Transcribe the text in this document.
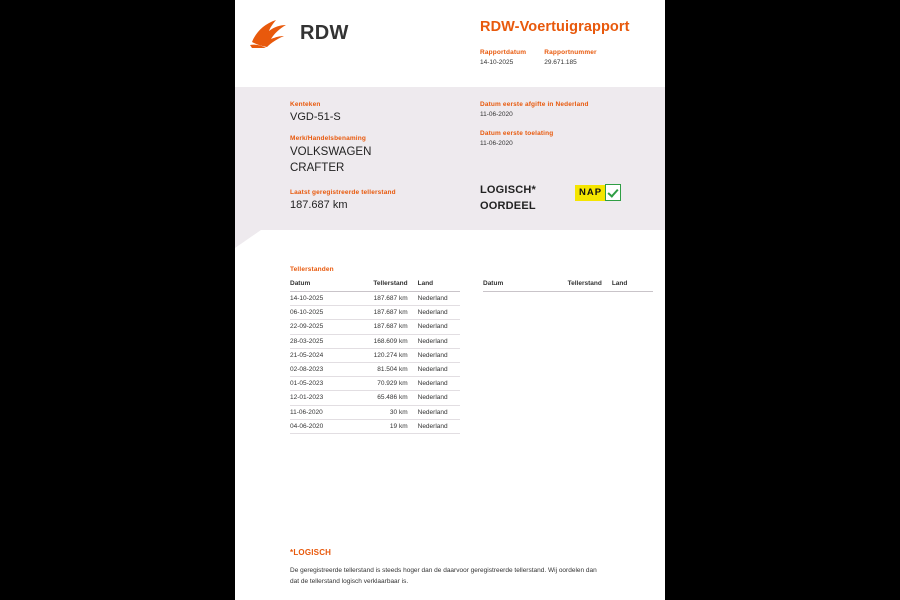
RDW	RDW-Voertuigrapport
Rapportdatum
14-10-2025
Rapportnummer
29.671.185
Kenteken
VGD-51-S
Merk/Handelsbenaming
VOLKSWAGEN
CRAFTER
Laatst geregistreerde tellerstand
187.687 km
Datum eerste afgifte in Nederland
11-06-2020
Datum eerste toelating
11-06-2020
LOGISCH*
OORDEEL
NAP
Tellerstanden
Datum	Tellerstand	Land
14-10-2025	187.687 km	Nederland
06-10-2025	187.687 km	Nederland
22-09-2025	187.687 km	Nederland
28-03-2025	168.609 km	Nederland
21-05-2024	120.274 km	Nederland
02-08-2023	81.504 km	Nederland
01-05-2023	70.929 km	Nederland
12-01-2023	65.486 km	Nederland
11-06-2020	30 km	Nederland
04-06-2020	19 km	Nederland
Datum	Tellerstand	Land
*LOGISCH
De geregistreerde tellerstand is steeds hoger dan de daarvoor geregistreerde tellerstand. Wij oordelen dan
dat de tellerstand logisch verklaarbaar is.
